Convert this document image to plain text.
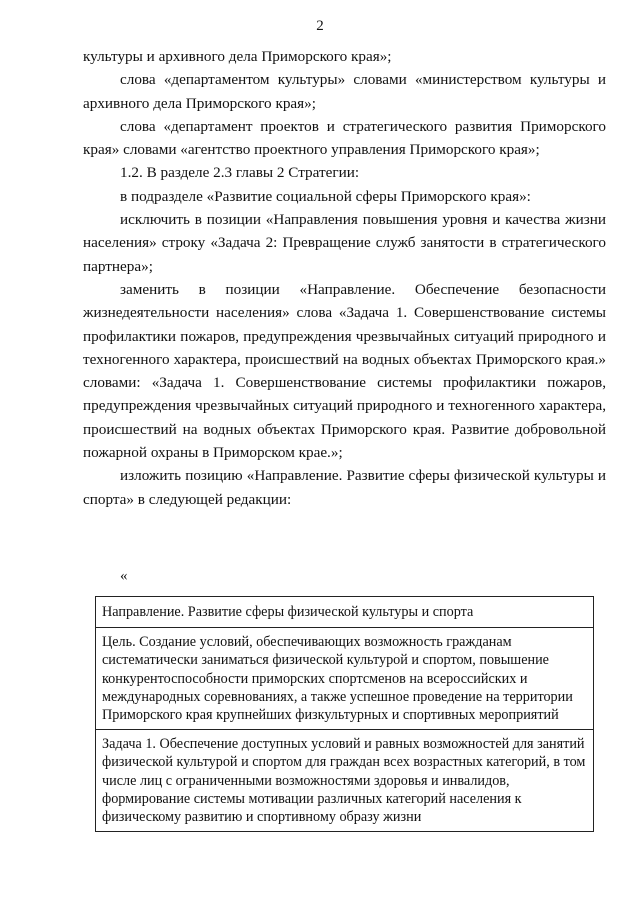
2

культуры и архивного дела Приморского края»;

слова «департаментом культуры» словами «министерством культуры и архивного дела Приморского края»;

слова «департамент проектов и стратегического развития Приморского края» словами «агентство проектного управления Приморского края»;

1.2. В разделе 2.3 главы 2 Стратегии:

в подразделе «Развитие социальной сферы Приморского края»:

исключить в позиции «Направления повышения уровня и качества жизни населения» строку «Задача 2: Превращение служб занятости в стратегического партнера»;

заменить в позиции «Направление. Обеспечение безопасности жизнедеятельности населения» слова «Задача 1. Совершенствование системы профилактики пожаров, предупреждения чрезвычайных ситуаций природного и техногенного характера, происшествий на водных объектах Приморского края.» словами: «Задача 1. Совершенствование системы профилактики пожаров, предупреждения чрезвычайных ситуаций природного и техногенного характера, происшествий на водных объектах Приморского края. Развитие добровольной пожарной охраны в Приморском крае.»;

изложить позицию «Направление. Развитие сферы физической культуры и спорта» в следующей редакции:

«
Направление. Развитие сферы физической культуры и спорта
Цель. Создание условий, обеспечивающих возможность гражданам систематически заниматься физической культурой и спортом, повышение конкурентоспособности приморских спортсменов на всероссийских и международных соревнованиях, а также успешное проведение на территории Приморского края крупнейших физкультурных и спортивных мероприятий
Задача 1. Обеспечение доступных условий и равных возможностей для занятий физической культурой и спортом для граждан всех возрастных категорий, в том числе лиц с ограниченными возможностями здоровья и инвалидов, формирование системы мотивации различных категорий населения к физическому развитию и спортивному образу жизни
